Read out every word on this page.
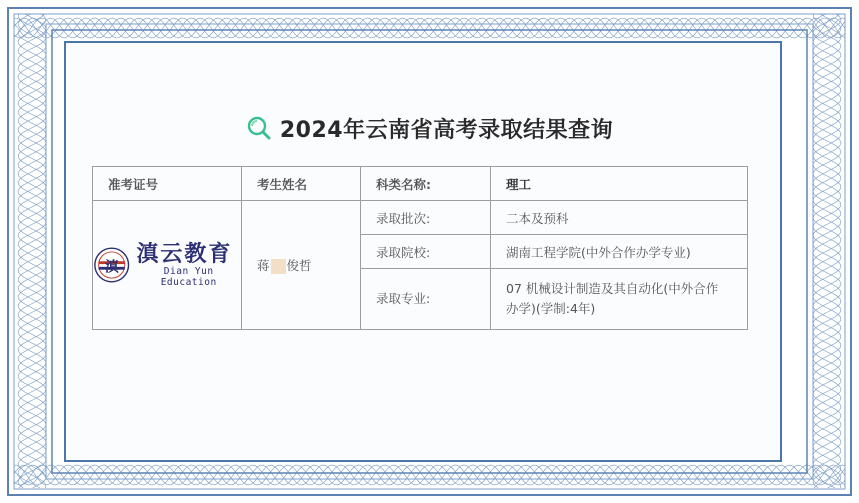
2024年云南省高考录取结果查询
准考证号	考生姓名	科类名称:	理工

滇
滇云教育
Dian Yun Education	蒋 俊哲	录取批次:	二本及预科
		录取院校:	湖南工程学院(中外合作办学专业)
		录取专业:	07 机械设计制造及其自动化(中外合作办学)(学制:4年)
